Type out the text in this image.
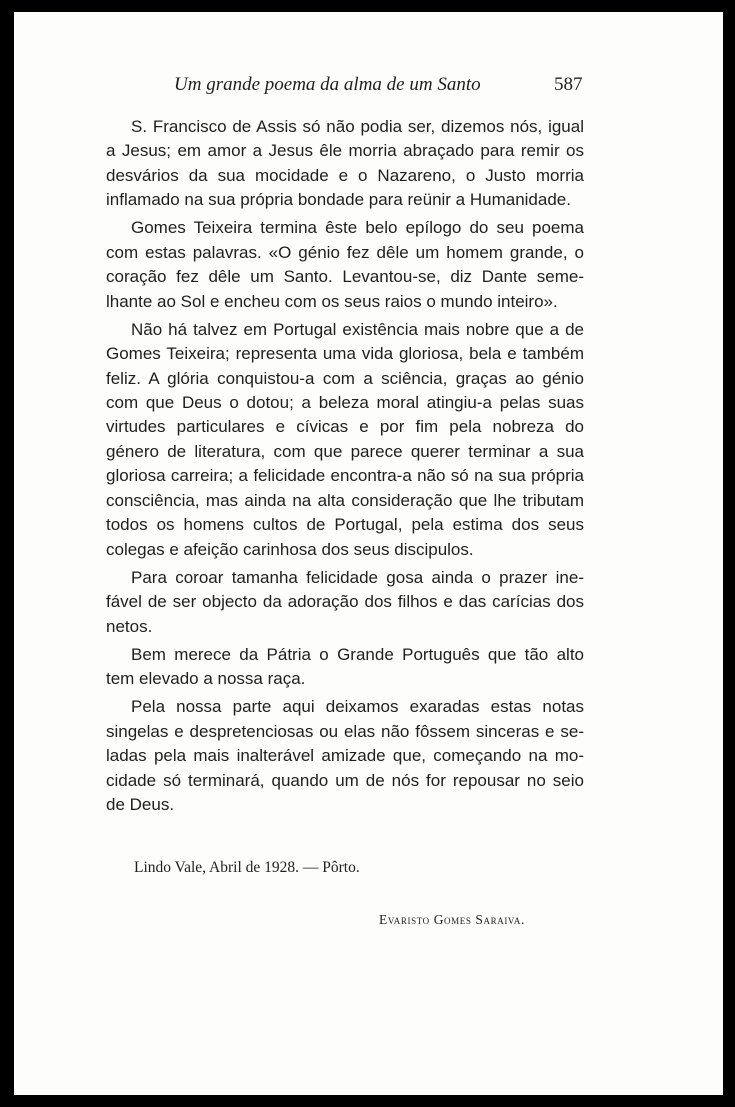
Um grande poema da alma de um Santo	587

S. Francisco de Assis só não podia ser, dizemos nós, igual a Jesus; em amor a Jesus êle morria abraçado para remir os desvários da sua mocidade e o Nazareno, o Justo morria inflamado na sua própria bondade para reünir a Humanidade.

Gomes Teixeira termina êste belo epílogo do seu poema com estas palavras. «O génio fez dêle um homem grande, o coração fez dêle um Santo. Levantou-se, diz Dante semelhante ao Sol e encheu com os seus raios o mundo inteiro».

Não há talvez em Portugal existência mais nobre que a de Gomes Teixeira; representa uma vida gloriosa, bela e também feliz. A glória conquistou-a com a sciência, graças ao génio com que Deus o dotou; a beleza moral atingiu-a pelas suas virtudes particulares e cívicas e por fim pela nobreza do género de literatura, com que parece querer terminar a sua gloriosa carreira; a felicidade encontra-a não só na sua própria consciência, mas ainda na alta consideração que lhe tributam todos os homens cultos de Portugal, pela estima dos seus colegas e afeição carinhosa dos seus discipulos.

Para coroar tamanha felicidade gosa ainda o prazer inefável de ser objecto da adoração dos filhos e das carícias dos netos.

Bem merece da Pátria o Grande Português que tão alto tem elevado a nossa raça.

Pela nossa parte aqui deixamos exaradas estas notas singelas e despretenciosas ou elas não fôssem sinceras e seladas pela mais inalterável amizade que, começando na mocidade só terminará, quando um de nós for repousar no seio de Deus.

Lindo Vale, Abril de 1928. — Pôrto.
Evaristo Gomes Saraiva.
